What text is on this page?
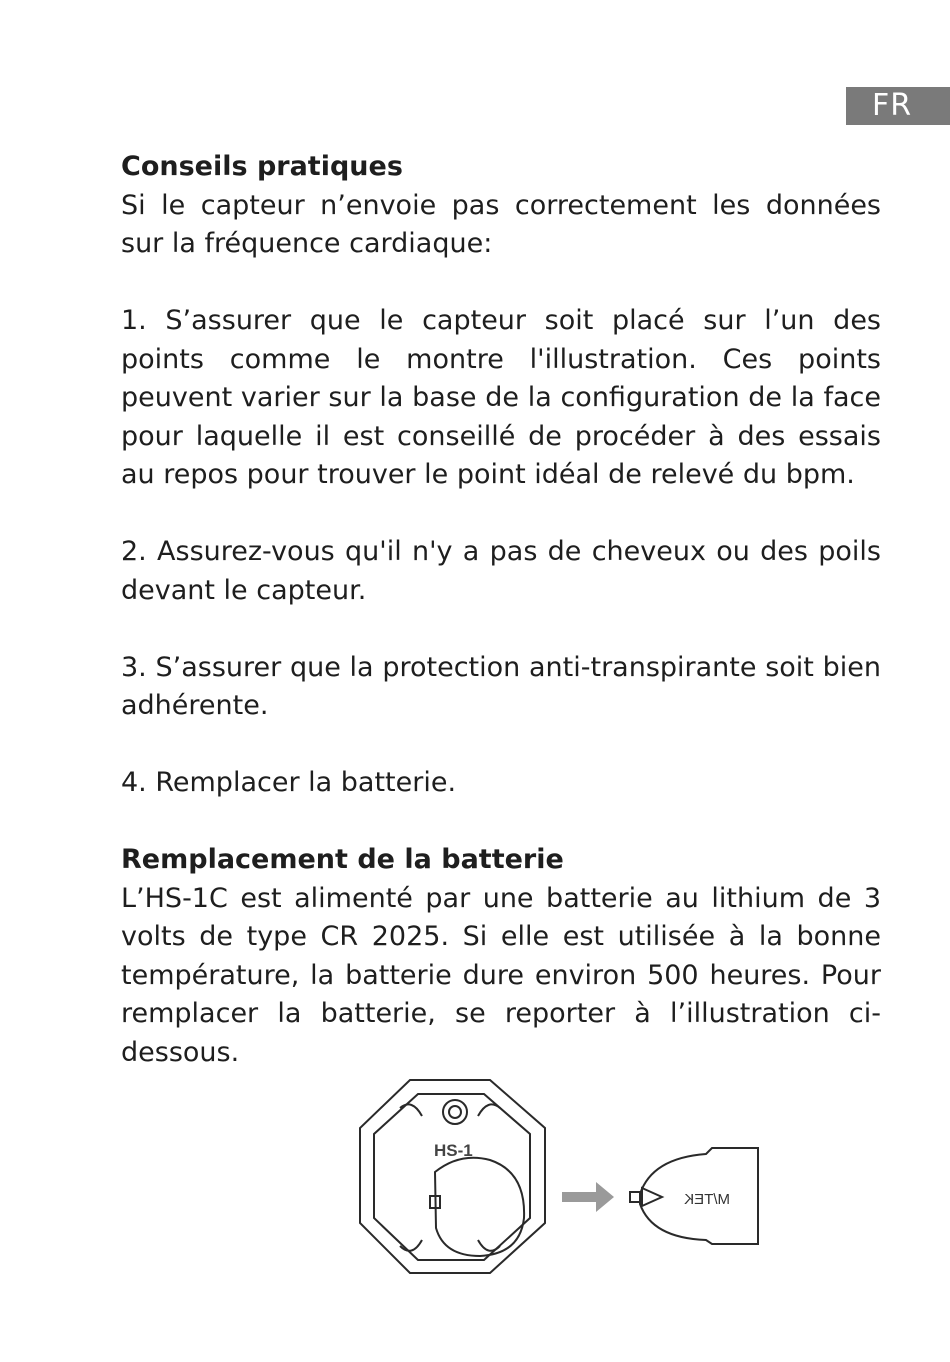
FR

Conseils pratiques

Si le capteur n’envoie pas correctement les données sur la fréquence cardiaque:

1. S’assurer que le capteur soit placé sur l’un des points comme le montre l'illustration. Ces points peuvent varier sur la base de la configuration de la face pour laquelle il est conseillé de procéder à des essais au repos pour trouver le point idéal de relevé du bpm.

2. Assurez-vous qu'il n'y a pas de cheveux ou des poils devant le capteur.

3. S’assurer que la protection anti-transpirante soit bien adhérente.

4. Remplacer la batterie.

Remplacement de la batterie

L’HS-1C est alimenté par une batterie au lithium de 3 volts de type CR 2025. Si elle est utilisée à la bonne température, la batterie dure environ 500 heures. Pour remplacer la batterie, se reporter à l’illustration ci-dessous.

HS-1
M/TEK
